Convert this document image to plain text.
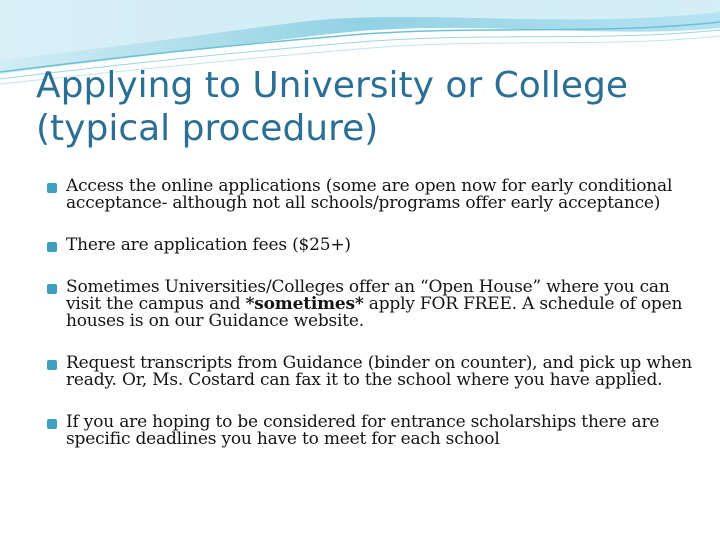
Applying to University or College
(typical procedure)
Access the online applications (some are open now for early conditional acceptance- although not all schools/programs offer early acceptance)
There are application fees ($25+)
Sometimes Universities/Colleges offer an “Open House” where you can visit the campus and *sometimes* apply FOR FREE. A schedule of open houses is on our Guidance website.
Request transcripts from Guidance (binder on counter), and pick up when ready. Or, Ms. Costard can fax it to the school where you have applied.
If you are hoping to be considered for entrance scholarships there are specific deadlines you have to meet for each school
